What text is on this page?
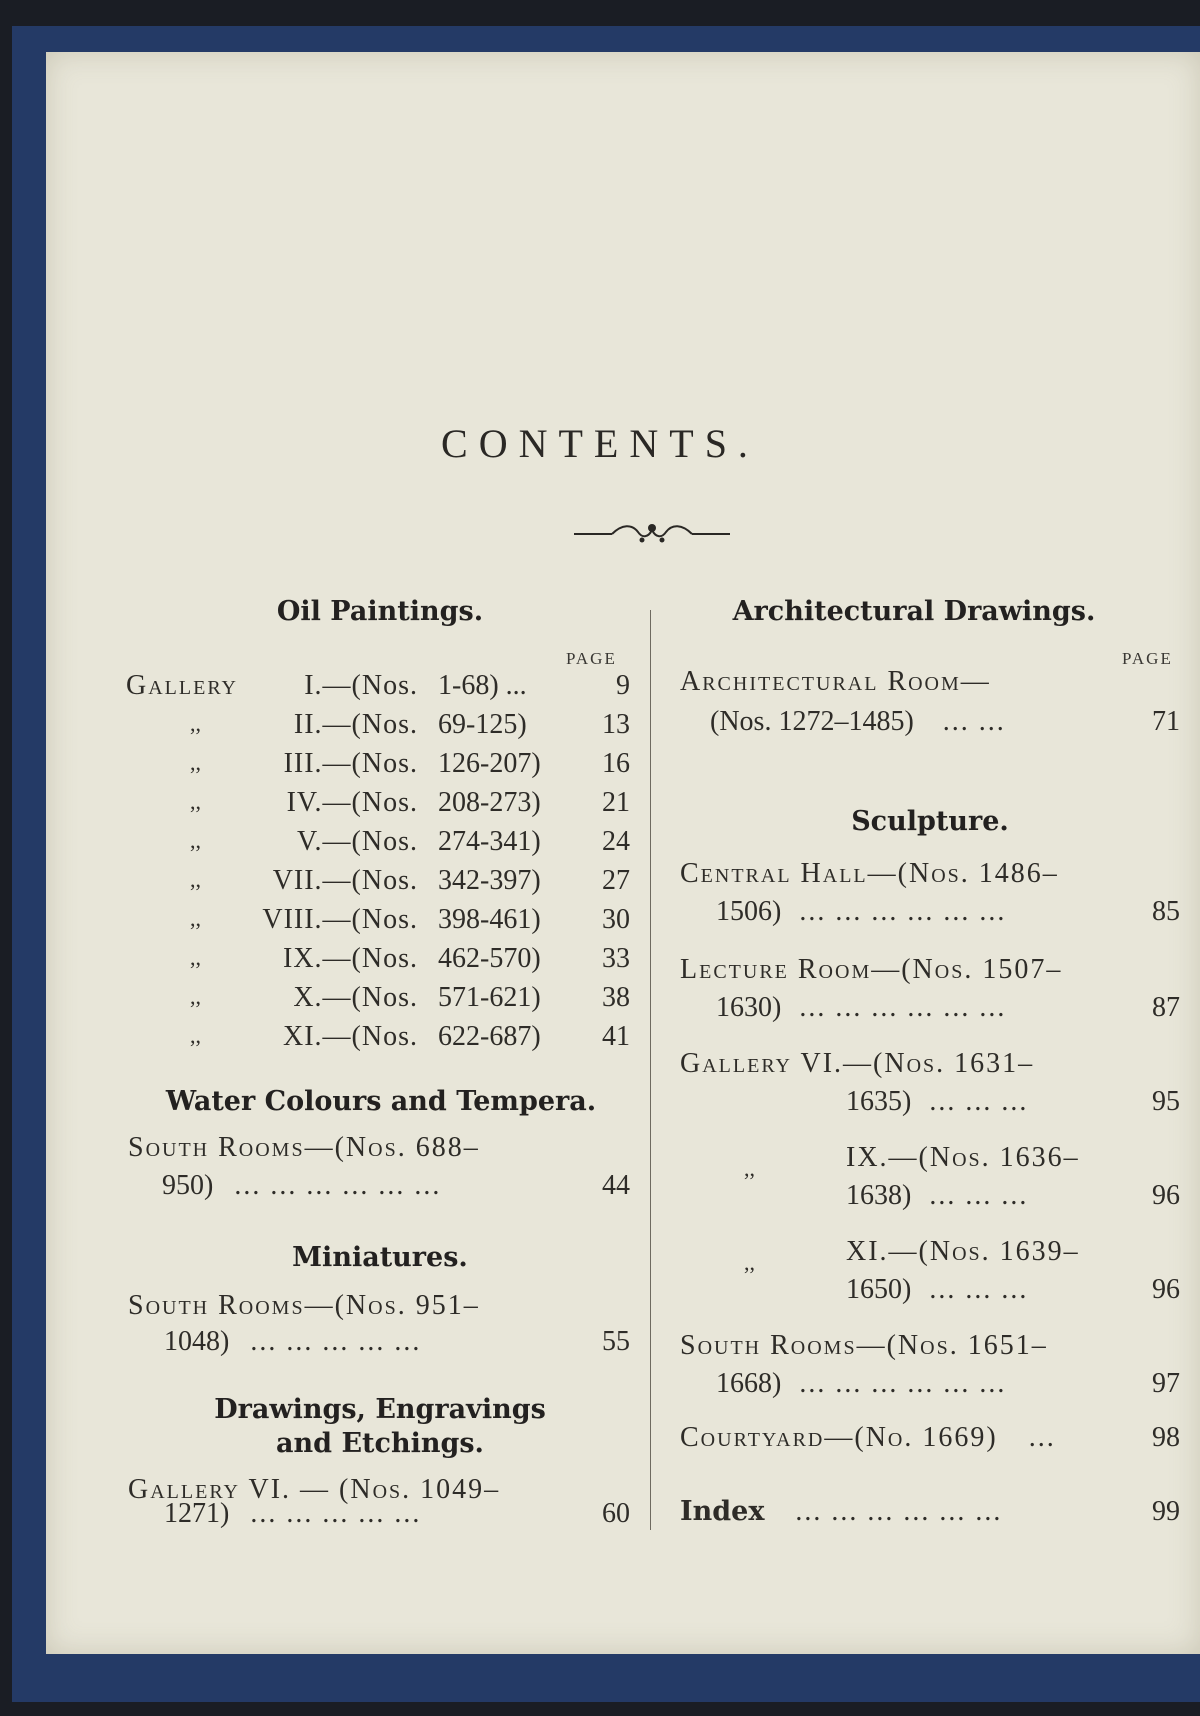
CONTENTS.
Oil Paintings.
PAGE
Gallery	I.—(Nos. 1-68) ...	9
,,	II.—(Nos. 69-125)	13
,,	III.—(Nos. 126-207)	16
,,	IV.—(Nos. 208-273)	21
,,	V.—(Nos. 274-341)	24
,,	VII.—(Nos. 342-397)	27
,,	VIII.—(Nos. 398-461)	30
,,	IX.—(Nos. 462-570)	33
,,	X.—(Nos. 571-621)	38
,,	XI.—(Nos. 622-687)	41
Water Colours and Tempera.
South Rooms—(Nos. 688–
950) ... ... ... ... ... ...	44
Miniatures.
South Rooms—(Nos. 951–
1048) ... ... ... ... ...	55
Drawings, Engravings
and Etchings.
Gallery VI. — (Nos. 1049–
1271) ... ... ... ... ...	60
Architectural Drawings.
PAGE
Architectural Room—
(Nos. 1272–1485) ... ...	71
Sculpture.
Central Hall—(Nos. 1486–
1506) ... ... ... ... ... ...	85
Lecture Room—(Nos. 1507–
1630) ... ... ... ... ... ...	87
Gallery VI.—(Nos. 1631–
1635) ... ... ...	95
,,	IX.—(Nos. 1636–
1638) ... ... ...	96
,,	XI.—(Nos. 1639–
1650) ... ... ...	96
South Rooms—(Nos. 1651–
1668) ... ... ... ... ... ...	97
Courtyard—(No. 1669) ...	98
Index ... ... ... ... ... ...	99
